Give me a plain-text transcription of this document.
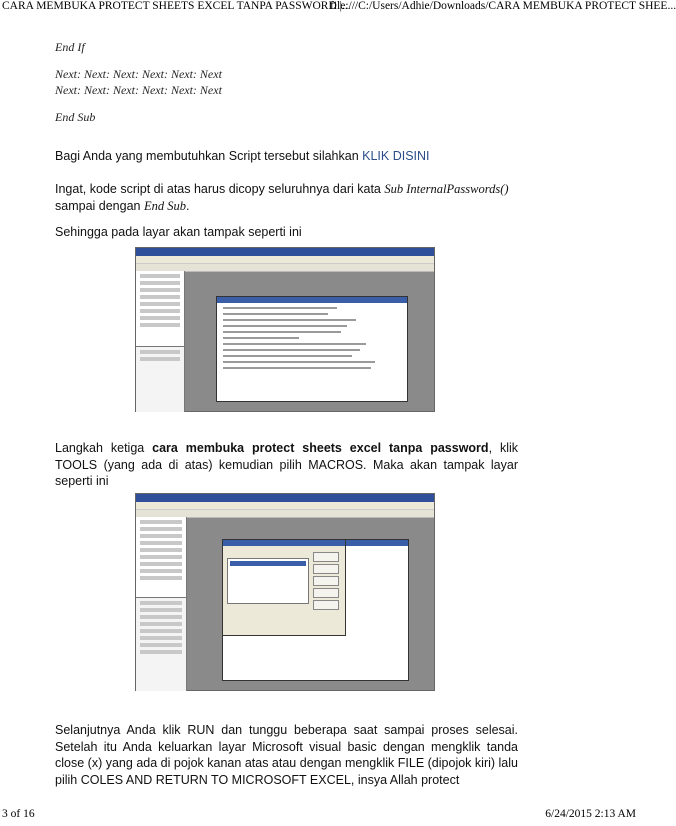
CARA MEMBUKA PROTECT SHEETS EXCEL TANPA PASSWORD |...
file:///C:/Users/Adhie/Downloads/CARA MEMBUKA PROTECT SHEE...
End If
Next: Next: Next: Next: Next: Next
Next: Next: Next: Next: Next: Next
End Sub
Bagi Anda yang membutuhkan Script tersebut silahkan KLIK DISINI
Ingat, kode script di atas harus dicopy seluruhnya dari kata Sub InternalPasswords()
sampai dengan End Sub.
Sehingga pada layar akan tampak seperti ini
Langkah ketiga cara membuka protect sheets excel tanpa password, klik TOOLS (yang ada di atas) kemudian pilih MACROS. Maka akan tampak layar seperti ini
Selanjutnya Anda klik RUN dan tunggu beberapa saat sampai proses selesai. Setelah itu Anda keluarkan layar Microsoft visual basic dengan mengklik tanda close (x) yang ada di pojok kanan atas atau dengan mengklik FILE (dipojok kiri) lalu pilih COLES AND RETURN TO MICROSOFT EXCEL, insya Allah protect
3 of 16	6/24/2015 2:13 AM
